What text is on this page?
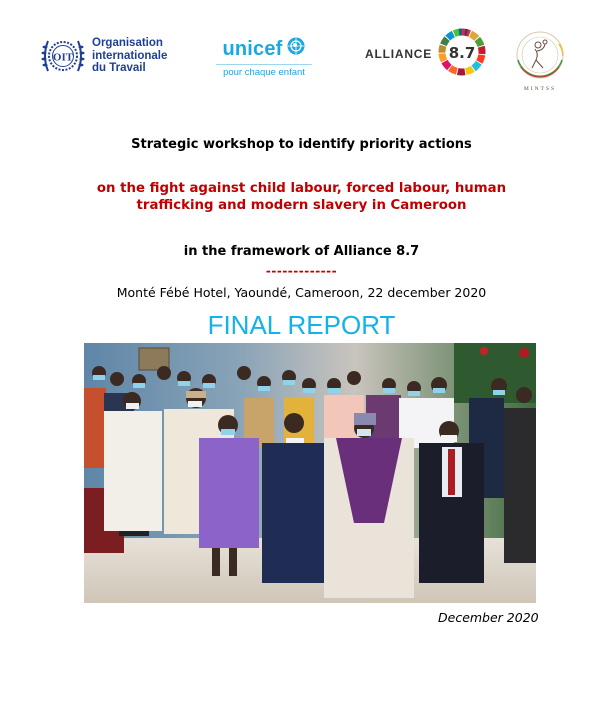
OIT
Organisation
internationale
du Travail
unicef
pour chaque enfant
ALLIANCE 8.7
MINTSS
Strategic workshop to identify priority actions
on the fight against child labour, forced labour, human
trafficking and modern slavery in Cameroon
in the framework of Alliance 8.7
-------------
Monté Fébé Hotel, Yaoundé, Cameroon, 22 december 2020
FINAL REPORT
December 2020
